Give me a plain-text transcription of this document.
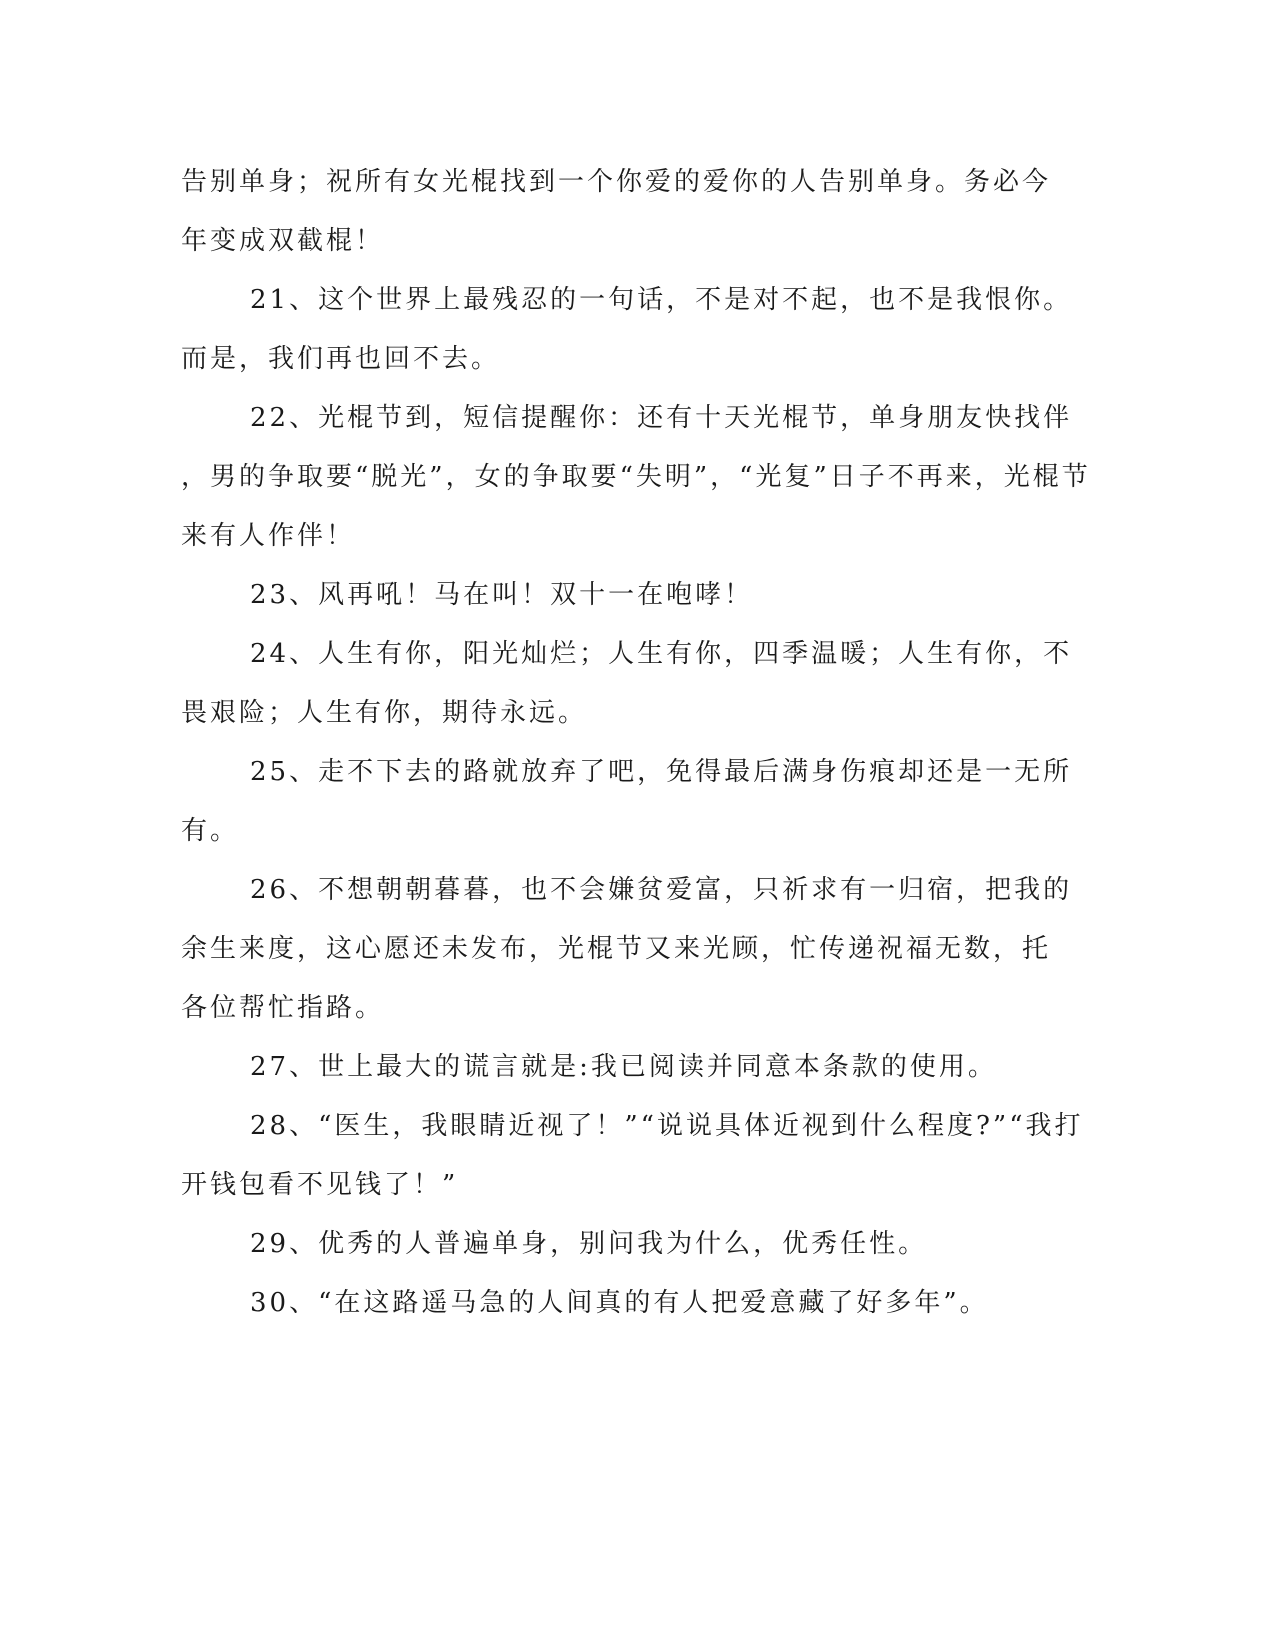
告别单身；祝所有女光棍找到一个你爱的爱你的人告别单身。务必今
年变成双截棍！
21、这个世界上最残忍的一句话，不是对不起，也不是我恨你。
而是，我们再也回不去。
22、光棍节到，短信提醒你：还有十天光棍节，单身朋友快找伴
，男的争取要“脱光”，女的争取要“失明”，“光复”日子不再来，光棍节
来有人作伴！
23、风再吼！马在叫！双十一在咆哮！
24、人生有你，阳光灿烂；人生有你，四季温暖；人生有你，不
畏艰险；人生有你，期待永远。
25、走不下去的路就放弃了吧，免得最后满身伤痕却还是一无所
有。
26、不想朝朝暮暮，也不会嫌贫爱富，只祈求有一归宿，把我的
余生来度，这心愿还未发布，光棍节又来光顾，忙传递祝福无数，托
各位帮忙指路。
27、世上最大的谎言就是:我已阅读并同意本条款的使用。
28、“医生，我眼睛近视了！”“说说具体近视到什么程度?”“我打
开钱包看不见钱了！”
29、优秀的人普遍单身，别问我为什么，优秀任性。
30、“在这路遥马急的人间真的有人把爱意藏了好多年”。
